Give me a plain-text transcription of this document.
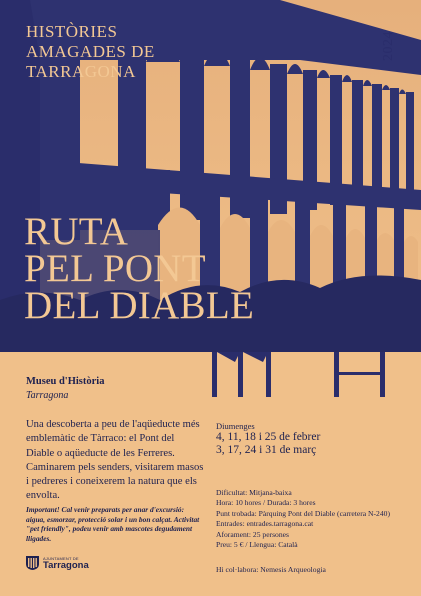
HISTÒRIES
AMAGADES DE
TARRAGONA
2024
RUTA
PEL PONT
DEL DIABLE

Museu d'Història

Tarragona

Una descoberta a peu de l'aqüeducte més emblemàtic de Tàrraco: el Pont del Diable o aqüeducte de les Ferreres. Caminarem pels senders, visitarem masos i pedreres i coneixerem la natura que els envolta.

Important! Cal venir preparats per anar d'excursió: aigua, esmorzar, protecció solar i un bon calçat. Activitat "pet friendly", podeu venir amb mascotes degudament lligades.

Diumenges
4, 11, 18 i 25 de febrer
3, 17, 24 i 31 de març
Dificultat: Mitjana-baixa
Hora: 10 hores / Durada: 3 hores
Punt trobada: Pàrquing Pont del Diable (carretera N-240)
Entrades: entrades.tarragona.cat
Aforament: 25 persones
Preu: 5 € / Llengua: Català
Hi col·labora: Nemesis Arqueologia
AJUNTAMENT DE
Tarragona
